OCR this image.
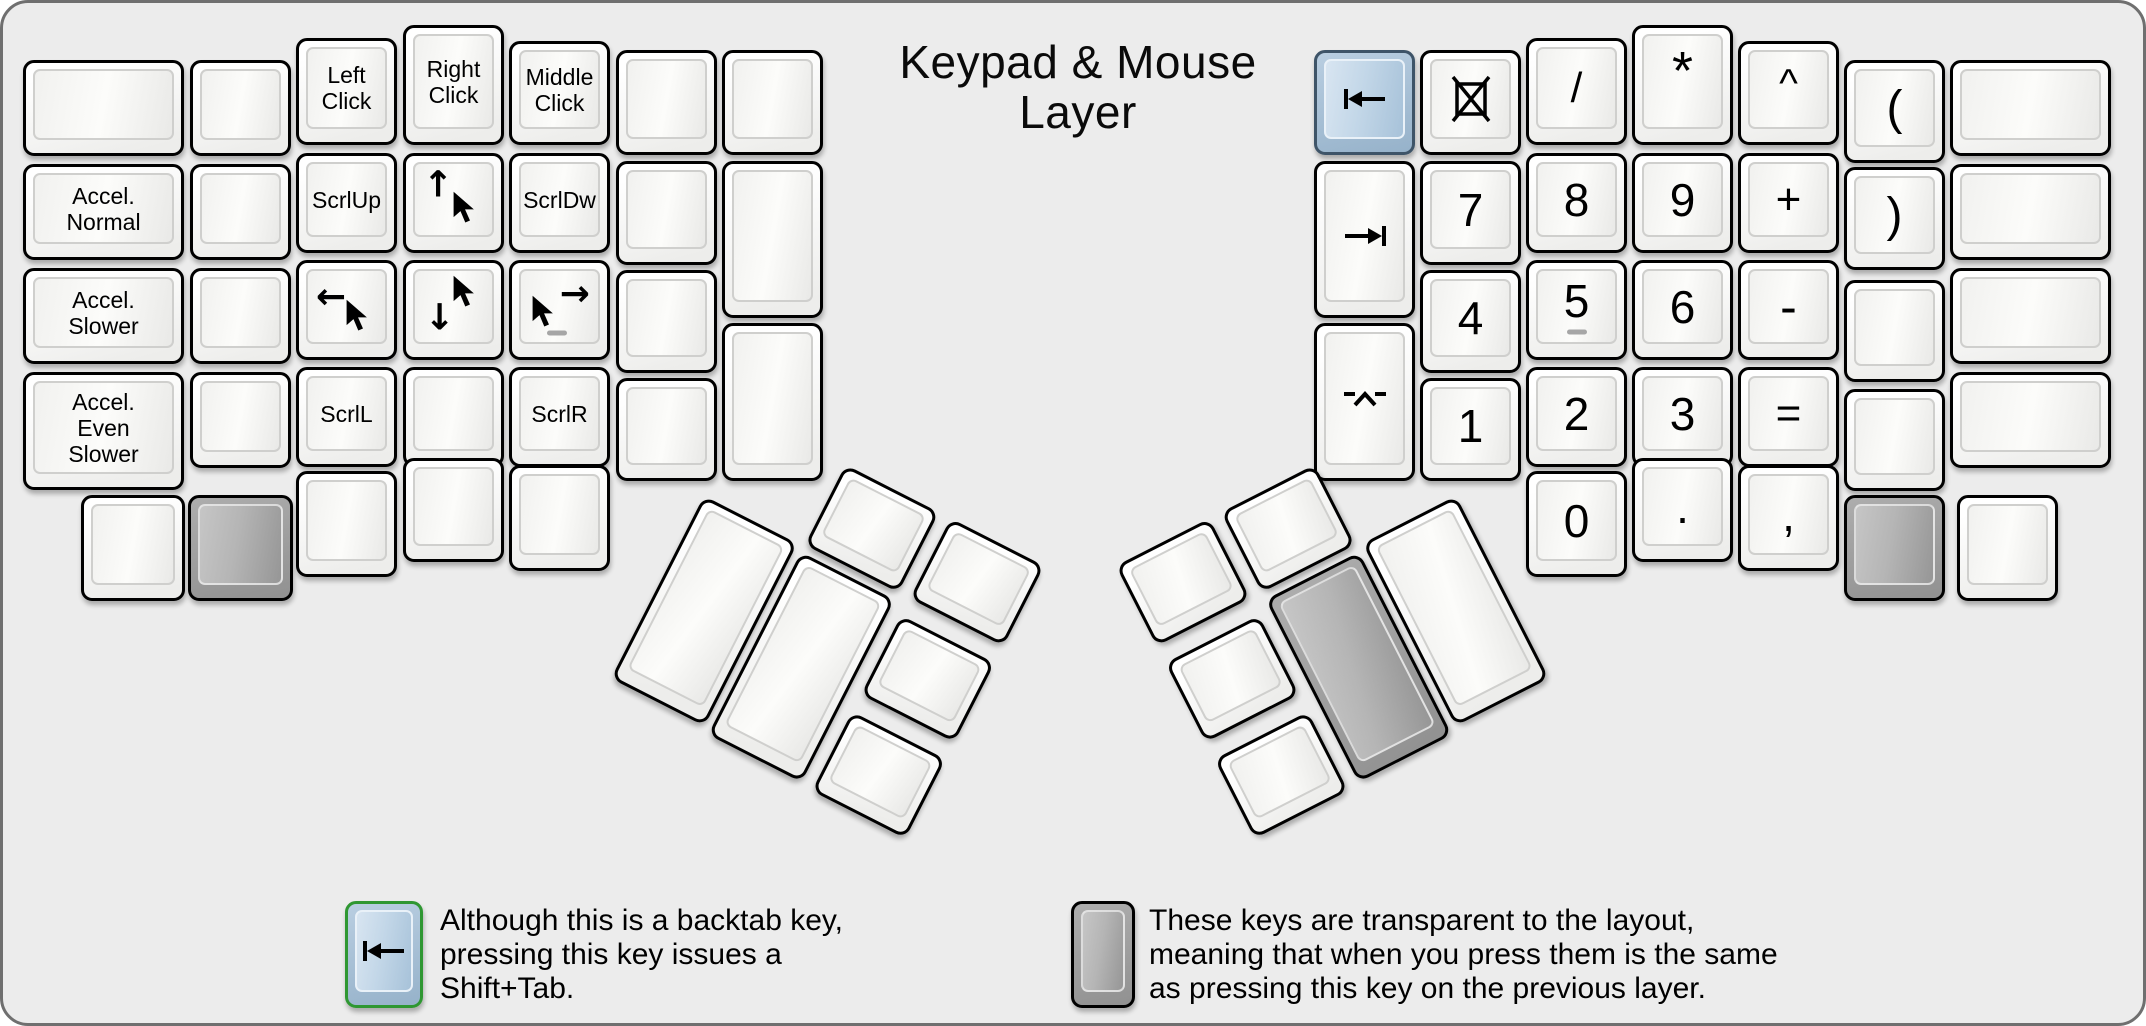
Keypad & Mouse
Layer
Accel.
Normal
Accel.
Slower
Accel.
Even
Slower
Left
Click
ScrlUp
←
ScrlL
Right
Click
↑
↓
Middle
Click
ScrlDw
→
ScrlR
7
4
1
/
8
5
2
0
*
9
6
3
.
^
+
-
=
,
(
)
Although this is a backtab key,
pressing this key issues a
Shift+Tab.
These keys are transparent to the layout,
meaning that when you press them is the same
as pressing this key on the previous layer.
